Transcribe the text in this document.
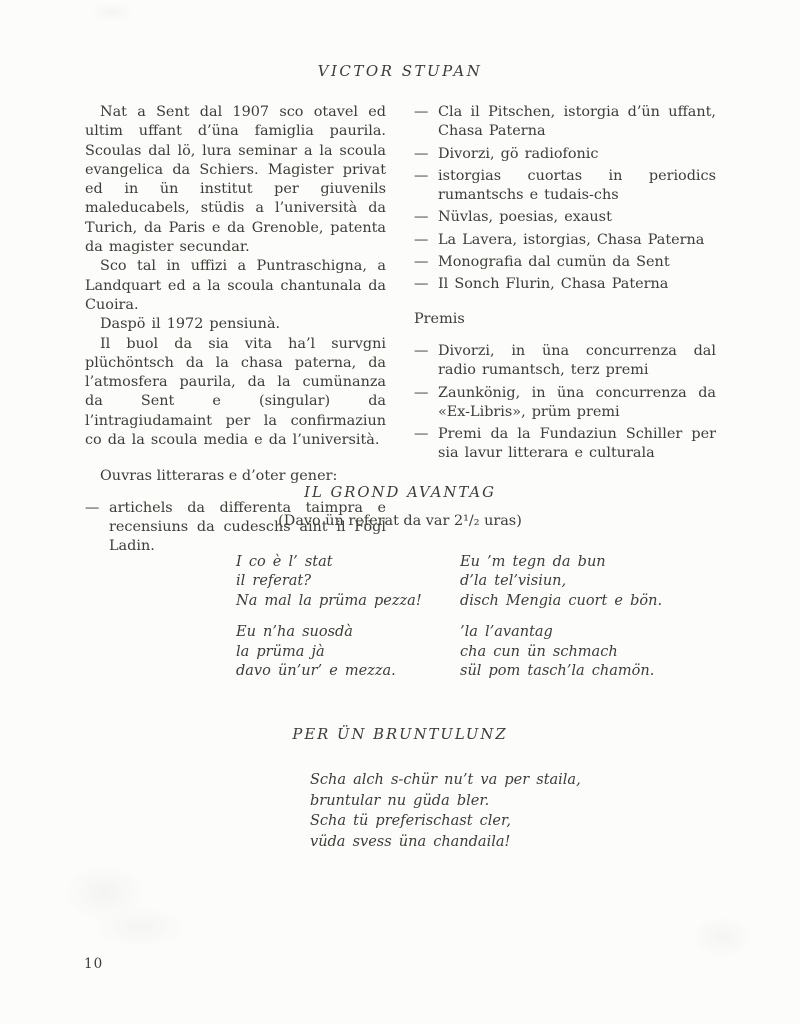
VICTOR STUPAN

Nat a Sent dal 1907 sco otavel ed ultim uffant d’üna famiglia paurila. Scoulas dal lö, lura seminar a la scoula evangelica da Schiers. Magister privat ed in ün institut per giuvenils maleducabels, stüdis a l’università da Turich, da Paris e da Grenoble, patenta da magister secundar.

Sco tal in uffizi a Puntraschigna, a Landquart ed a la scoula chantunala da Cuoira.

Daspö il 1972 pensiunà.

Il buol da sia vita ha’l survgni plüchöntsch da la chasa paterna, da l’atmosfera paurila, da la cumünanza da Sent e (singular) da l’intragiudamaint per la confirmaziun co da la scoula media e da l’università.

Ouvras litteraras e d’oter gener:

— artichels da differenta taimpra e recensiuns da cudeschs aint il Fögl Ladin.
— Cla il Pitschen, istorgia d’ün uffant, Chasa Paterna
— Divorzi, gö radiofonic
— istorgias cuortas in periodics rumantschs e tudais-chs
— Nüvlas, poesias, exaust
— La Lavera, istorgias, Chasa Paterna
— Monografia dal cumün da Sent
— Il Sonch Flurin, Chasa Paterna

Premis

— Divorzi, in üna concurrenza dal radio rumantsch, terz premi
— Zaunkönig, in üna concurrenza da «Ex-Libris», prüm premi
— Premi da la Fundaziun Schiller per sia lavur litterara e culturala
IL GROND AVANTAG
(Davo ün referat da var 2¹/₂ uras)
I co è l’ stat
il referat?
Na mal la prüma pezza!
Eu n’ha suosdà
la prüma jà
davo ün’ur’ e mezza.
Eu ’m tegn da bun
d’la tel’visiun,
disch Mengia cuort e bön.
’la l’avantag
cha cun ün schmach
sül pom tasch’la chamön.
PER ÜN BRUNTULUNZ
Scha alch s-chür nu’t va per staila,
bruntular nu güda bler.
Scha tü preferischast cler,
vüda svess üna chandaila!
10
